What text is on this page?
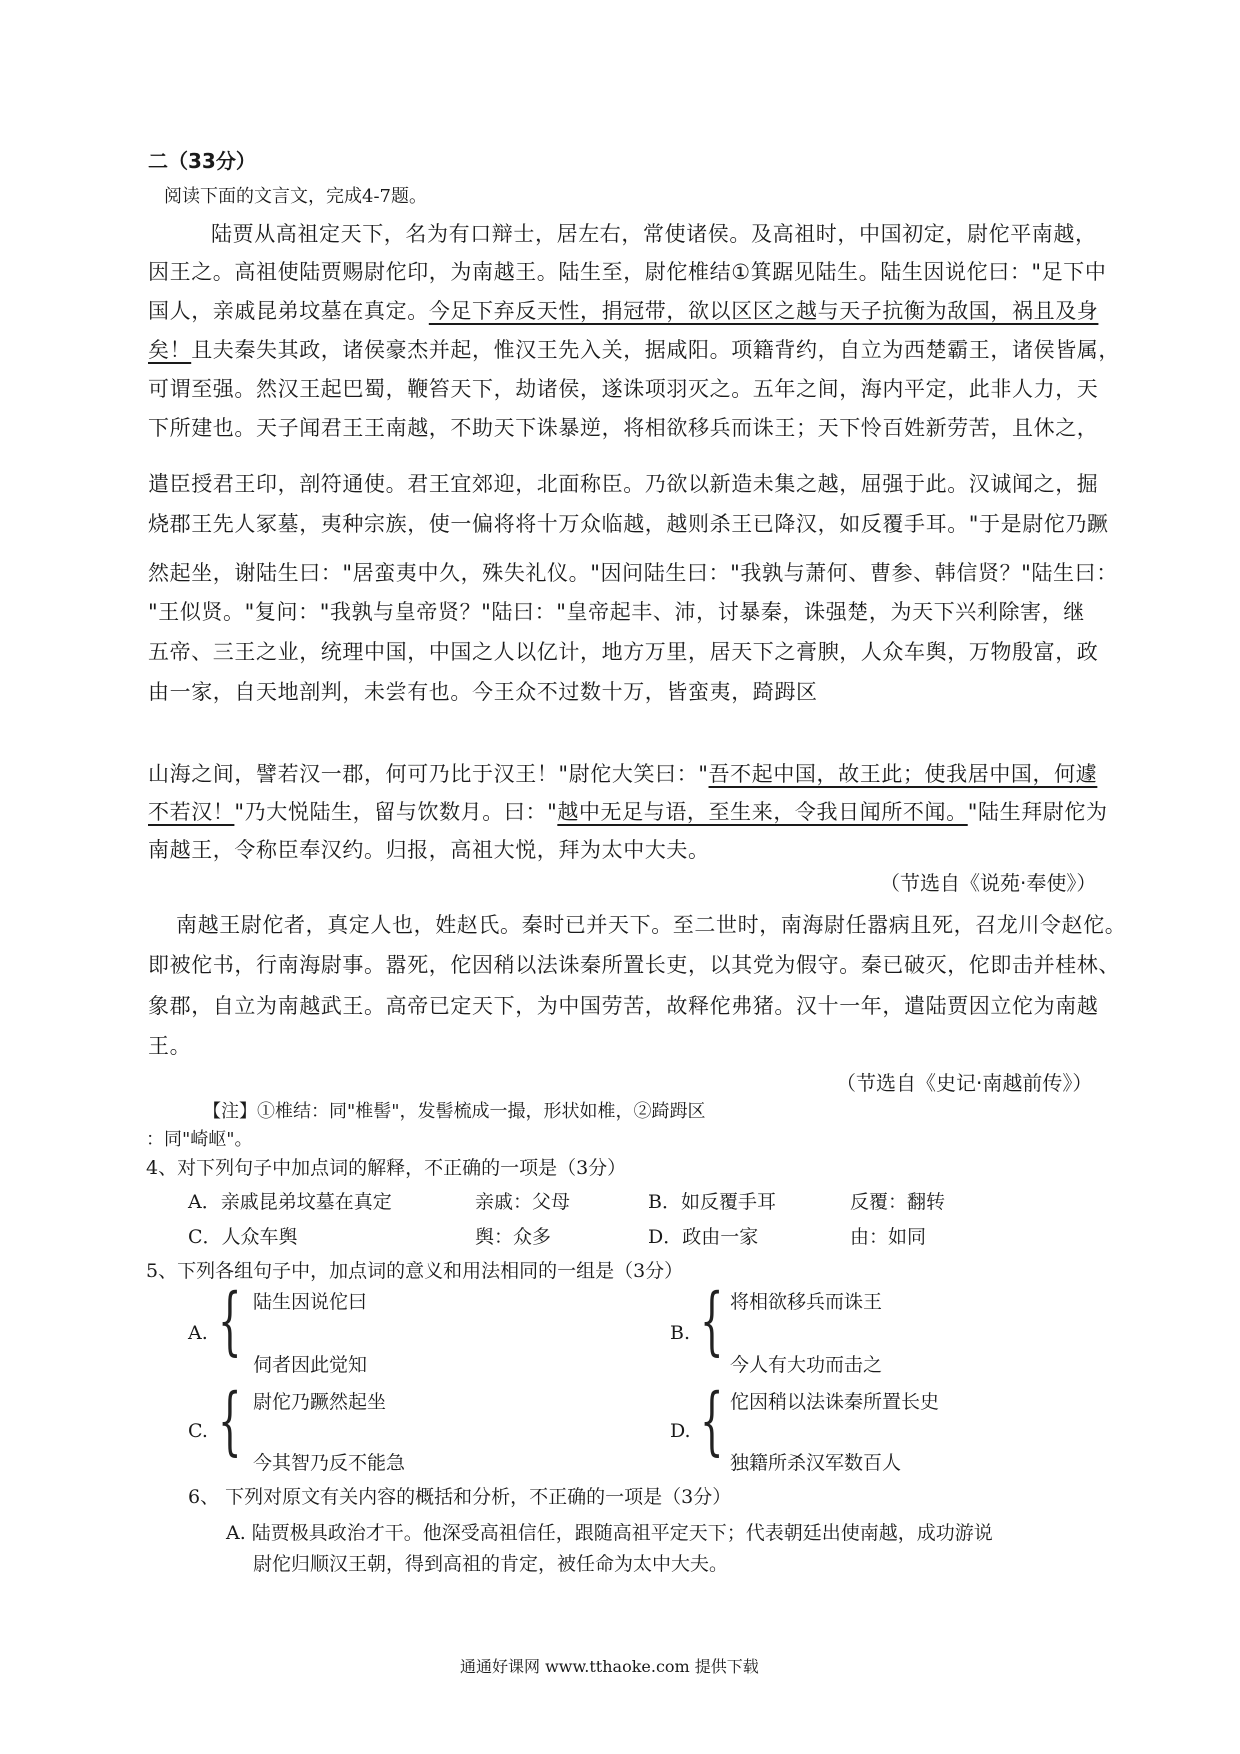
二（33分）
阅读下面的文言文，完成4-7题。
陆贾从高祖定天下，名为有口辩士，居左右，常使诸侯。及高祖时，中国初定，尉佗平南越，
因王之。高祖使陆贾赐尉佗印，为南越王。陆生至，尉佗椎结①箕踞见陆生。陆生因说佗曰："足下中
国人，亲戚昆弟坟墓在真定。今足下弃反天性，捐冠带，欲以区区之越与天子抗衡为敌国，祸且及身
矣！且夫秦失其政，诸侯豪杰并起，惟汉王先入关，据咸阳。项籍背约，自立为西楚霸王，诸侯皆属，
可谓至强。然汉王起巴蜀，鞭笞天下，劫诸侯，遂诛项羽灭之。五年之间，海内平定，此非人力，天
下所建也。天子闻君王王南越，不助天下诛暴逆，将相欲移兵而诛王；天下怜百姓新劳苦，且休之，
遣臣授君王印，剖符通使。君王宜郊迎，北面称臣。乃欲以新造未集之越，屈强于此。汉诚闻之，掘
烧郡王先人冢墓，夷种宗族，使一偏将将十万众临越，越则杀王已降汉，如反覆手耳。"于是尉佗乃蹶
然起坐，谢陆生曰："居蛮夷中久，殊失礼仪。"因问陆生曰："我孰与萧何、曹参、韩信贤？"陆生曰：
"王似贤。"复问："我孰与皇帝贤？"陆曰："皇帝起丰、沛，讨暴秦，诛强楚，为天下兴利除害，继
五帝、三王之业，统理中国，中国之人以亿计，地方万里，居天下之膏腴，人众车舆，万物殷富，政
由一家，自天地剖判，未尝有也。今王众不过数十万，皆蛮夷，踦𧿹区
山海之间，譬若汉一郡，何可乃比于汉王！"尉佗大笑曰："吾不起中国，故王此；使我居中国，何遽
不若汉！"乃大悦陆生，留与饮数月。曰："越中无足与语，至生来，令我日闻所不闻。"陆生拜尉佗为
南越王，令称臣奉汉约。归报，高祖大悦，拜为太中大夫。
（节选自《说苑·奉使》）
南越王尉佗者，真定人也，姓赵氏。秦时已并天下。至二世时，南海尉任嚣病且死，召龙川令赵佗。
即被佗书，行南海尉事。嚣死，佗因稍以法诛秦所置长吏，以其党为假守。秦已破灭，佗即击并桂林、
象郡，自立为南越武王。高帝已定天下，为中国劳苦，故释佗弗猪。汉十一年，遣陆贾因立佗为南越
王。
（节选自《史记·南越前传》）
【注】①椎结：同"椎髻"，发髻梳成一撮，形状如椎，②踦𧿹区
：同"崎岖"。
4、对下列句子中加点词的解释，不正确的一项是（3分）
A．亲戚昆弟坟墓在真定	亲戚：父母	B．如反覆手耳	反覆：翻转
C．人众车舆	舆：众多	D．政由一家	由：如同
5、下列各组句子中，加点词的意义和用法相同的一组是（3分）
A. { 陆生因说佗曰
伺者因此觉知
B. { 将相欲移兵而诛王
今人有大功而击之
C. { 尉佗乃蹶然起坐
今其智乃反不能急
D. { 佗因稍以法诛秦所置长史
独籍所杀汉军数百人
6、 下列对原文有关内容的概括和分析，不正确的一项是（3分）
A. 陆贾极具政治才干。他深受高祖信任，跟随高祖平定天下；代表朝廷出使南越，成功游说
尉佗归顺汉王朝，得到高祖的肯定，被任命为太中大夫。
通通好课网 www.tthaoke.com 提供下载
